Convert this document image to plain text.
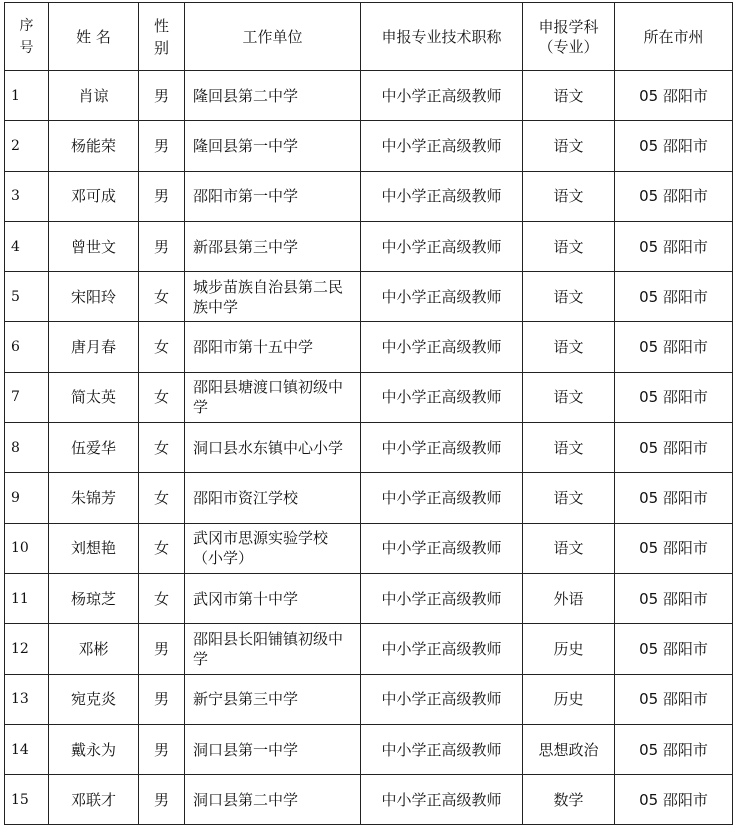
序号	姓 名	性别	工作单位	申报专业技术职称	申报学科（专业）	所在市州
1	肖谅	男	隆回县第二中学	中小学正高级教师	语文	05 邵阳市
2	杨能荣	男	隆回县第一中学	中小学正高级教师	语文	05 邵阳市
3	邓可成	男	邵阳市第一中学	中小学正高级教师	语文	05 邵阳市
4	曾世文	男	新邵县第三中学	中小学正高级教师	语文	05 邵阳市
5	宋阳玲	女	城步苗族自治县第二民族中学	中小学正高级教师	语文	05 邵阳市
6	唐月春	女	邵阳市第十五中学	中小学正高级教师	语文	05 邵阳市
7	简太英	女	邵阳县塘渡口镇初级中学	中小学正高级教师	语文	05 邵阳市
8	伍爱华	女	洞口县水东镇中心小学	中小学正高级教师	语文	05 邵阳市
9	朱锦芳	女	邵阳市资江学校	中小学正高级教师	语文	05 邵阳市
10	刘想艳	女	武冈市思源实验学校（小学）	中小学正高级教师	语文	05 邵阳市
11	杨琼芝	女	武冈市第十中学	中小学正高级教师	外语	05 邵阳市
12	邓彬	男	邵阳县长阳铺镇初级中学	中小学正高级教师	历史	05 邵阳市
13	宛克炎	男	新宁县第三中学	中小学正高级教师	历史	05 邵阳市
14	戴永为	男	洞口县第一中学	中小学正高级教师	思想政治	05 邵阳市
15	邓联才	男	洞口县第二中学	中小学正高级教师	数学	05 邵阳市
